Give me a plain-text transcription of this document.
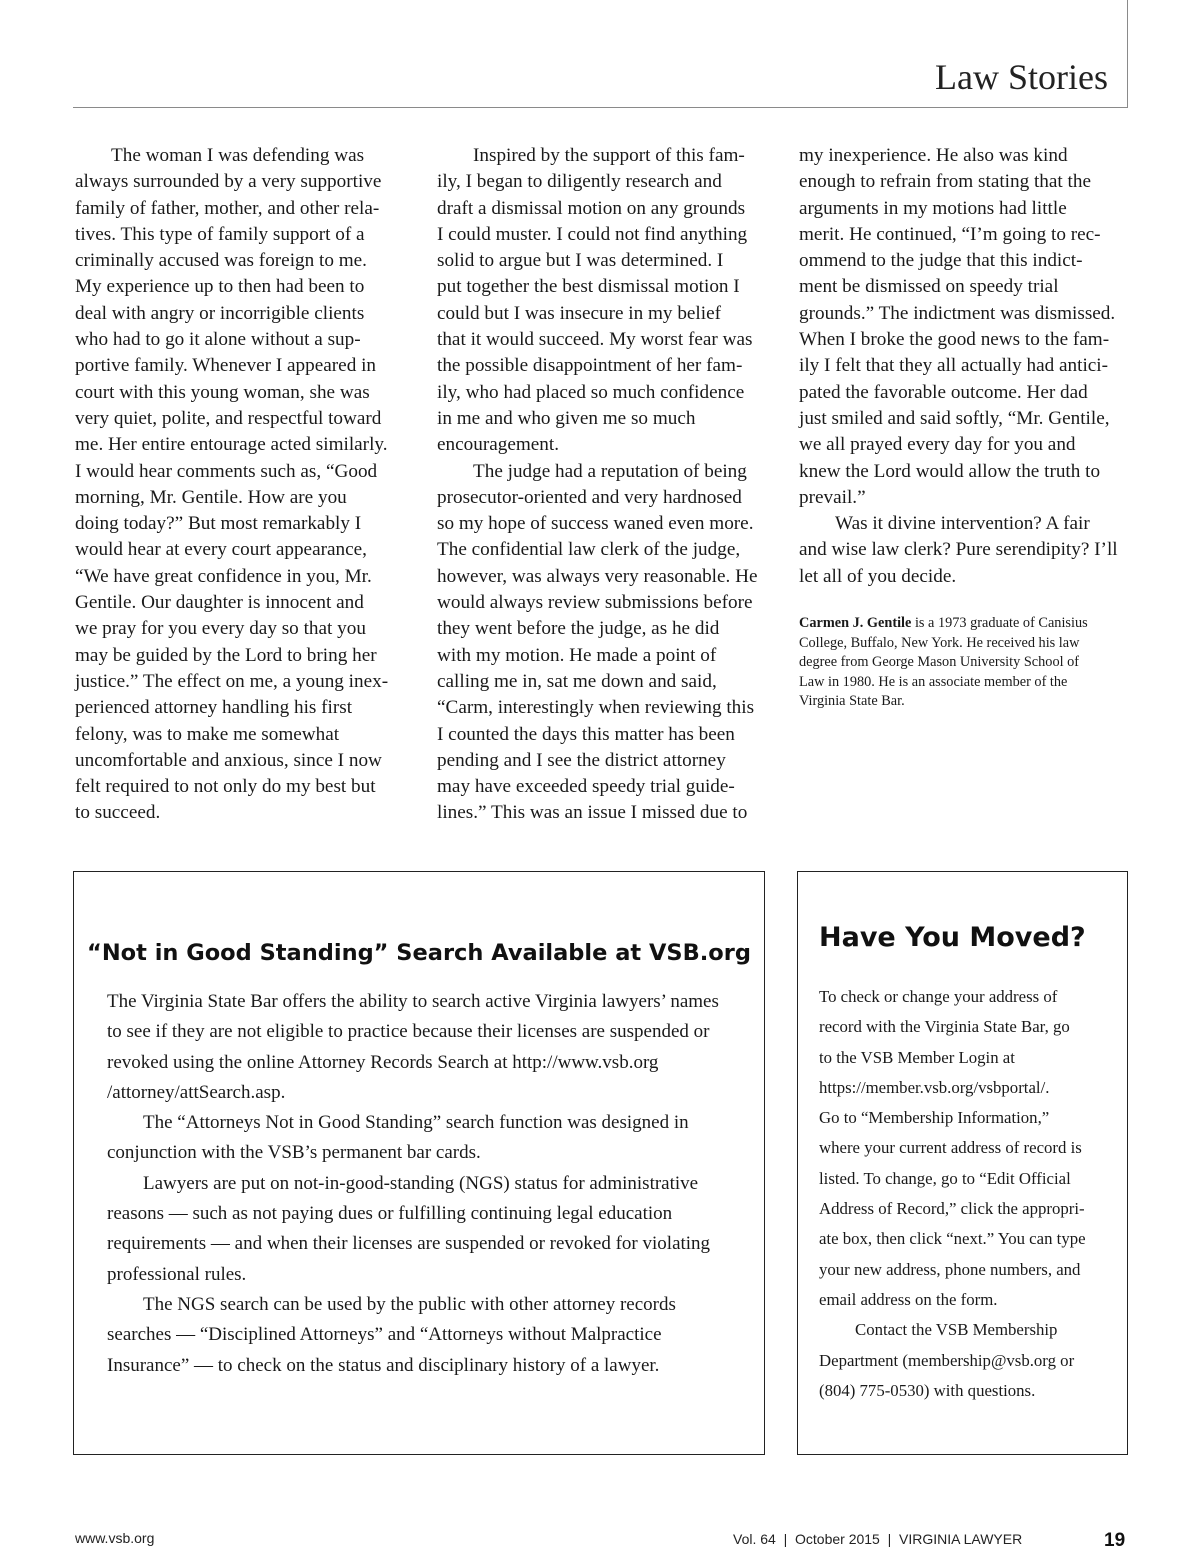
Law Stories

The woman I was defending was
always surrounded by a very supportive
family of father, mother, and other rela-
tives. This type of family support of a
criminally accused was foreign to me.
My experience up to then had been to
deal with angry or incorrigible clients
who had to go it alone without a sup-
portive family. Whenever I appeared in
court with this young woman, she was
very quiet, polite, and respectful toward
me. Her entire entourage acted similarly.
I would hear comments such as, “Good
morning, Mr. Gentile. How are you
doing today?” But most remarkably I
would hear at every court appearance,
“We have great confidence in you, Mr.
Gentile. Our daughter is innocent and
we pray for you every day so that you
may be guided by the Lord to bring her
justice.” The effect on me, a young inex-
perienced attorney handling his first
felony, was to make me somewhat
uncomfortable and anxious, since I now
felt required to not only do my best but
to succeed.

Inspired by the support of this fam-
ily, I began to diligently research and
draft a dismissal motion on any grounds
I could muster. I could not find anything
solid to argue but I was determined. I
put together the best dismissal motion I
could but I was insecure in my belief
that it would succeed. My worst fear was
the possible disappointment of her fam-
ily, who had placed so much confidence
in me and who given me so much
encouragement.

The judge had a reputation of being
prosecutor-oriented and very hardnosed
so my hope of success waned even more.
The confidential law clerk of the judge,
however, was always very reasonable. He
would always review submissions before
they went before the judge, as he did
with my motion. He made a point of
calling me in, sat me down and said,
“Carm, interestingly when reviewing this
I counted the days this matter has been
pending and I see the district attorney
may have exceeded speedy trial guide-
lines.” This was an issue I missed due to

my inexperience. He also was kind
enough to refrain from stating that the
arguments in my motions had little
merit. He continued, “I’m going to rec-
ommend to the judge that this indict-
ment be dismissed on speedy trial
grounds.” The indictment was dismissed.
When I broke the good news to the fam-
ily I felt that they all actually had antici-
pated the favorable outcome. Her dad
just smiled and said softly, “Mr. Gentile,
we all prayed every day for you and
knew the Lord would allow the truth to
prevail.”

Was it divine intervention? A fair
and wise law clerk? Pure serendipity? I’ll
let all of you decide.

Carmen J. Gentile is a 1973 graduate of Canisius
College, Buffalo, New York. He received his law
degree from George Mason University School of
Law in 1980. He is an associate member of the
Virginia State Bar.

“Not in Good Standing” Search Available at VSB.org

The Virginia State Bar offers the ability to search active Virginia lawyers’ names
to see if they are not eligible to practice because their licenses are suspended or
revoked using the online Attorney Records Search at http://www.vsb.org
/attorney/attSearch.asp.

The “Attorneys Not in Good Standing” search function was designed in
conjunction with the VSB’s permanent bar cards.

Lawyers are put on not-in-good-standing (NGS) status for administrative
reasons — such as not paying dues or fulfilling continuing legal education
requirements — and when their licenses are suspended or revoked for violating
professional rules.

The NGS search can be used by the public with other attorney records
searches — “Disciplined Attorneys” and “Attorneys without Malpractice
Insurance” — to check on the status and disciplinary history of a lawyer.

Have You Moved?

To check or change your address of
record with the Virginia State Bar, go
to the VSB Member Login at
https://member.vsb.org/vsbportal/.
Go to “Membership Information,”
where your current address of record is
listed. To change, go to “Edit Official
Address of Record,” click the appropri-
ate box, then click “next.” You can type
your new address, phone numbers, and
email address on the form.

Contact the VSB Membership
Department (membership@vsb.org or
(804) 775-0530) with questions.

www.vsb.org	Vol. 64  |  October 2015  |  VIRGINIA LAWYER	19
